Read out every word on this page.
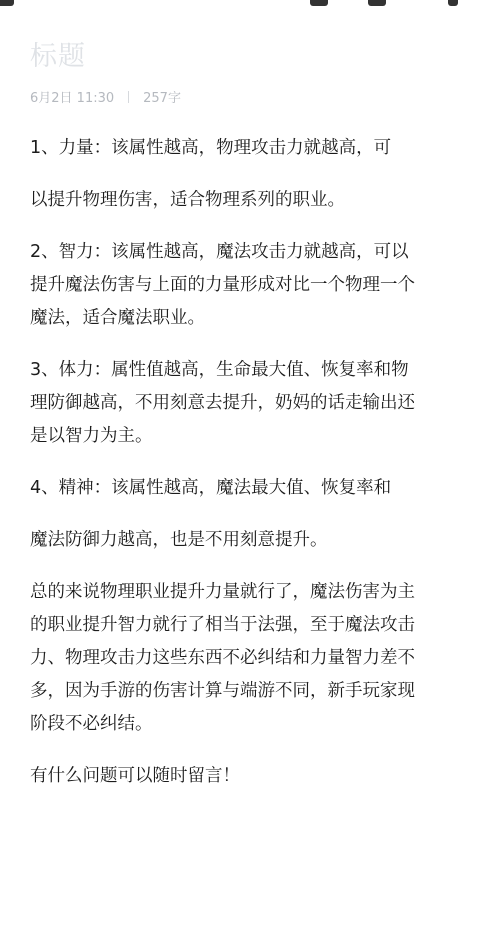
标题
6月2日 11:30 257字

1、力量：该属性越高，物理攻击力就越高，可

以提升物理伤害，适合物理系列的职业。

2、智力：该属性越高，魔法攻击力就越高，可以

提升魔法伤害与上面的力量形成对比一个物理一个

魔法，适合魔法职业。

3、体力：属性值越高，生命最大值、恢复率和物

理防御越高，不用刻意去提升，奶妈的话走输出还

是以智力为主。

4、精神：该属性越高，魔法最大值、恢复率和

魔法防御力越高，也是不用刻意提升。

总的来说物理职业提升力量就行了，魔法伤害为主

的职业提升智力就行了相当于法强，至于魔法攻击

力、物理攻击力这些东西不必纠结和力量智力差不

多，因为手游的伤害计算与端游不同，新手玩家现

阶段不必纠结。

有什么问题可以随时留言！
